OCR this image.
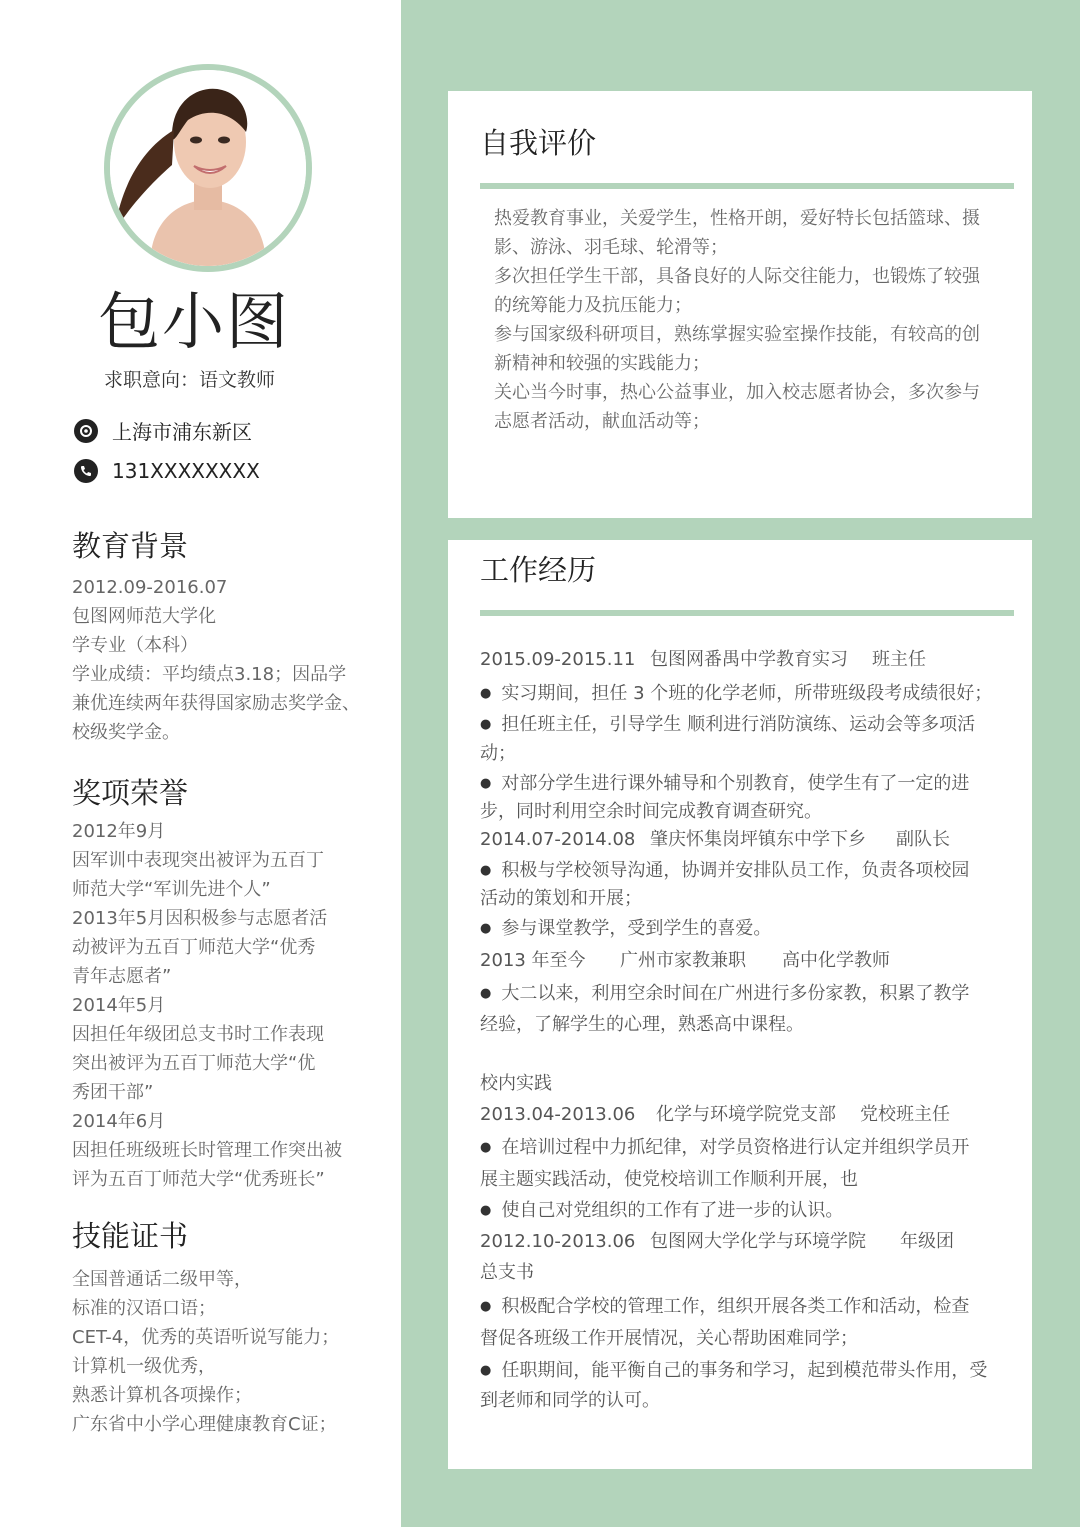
包小图
求职意向：语文教师
上海市浦东新区
131XXXXXXXX
教育背景
2012.09-2016.07
包图网师范大学化
学专业（本科）
学业成绩：平均绩点3.18；因品学
兼优连续两年获得国家励志奖学金、
校级奖学金。
奖项荣誉
2012年9月
因军训中表现突出被评为五百丁
师范大学“军训先进个人”
2013年5月因积极参与志愿者活
动被评为五百丁师范大学“优秀
青年志愿者”
2014年5月
因担任年级团总支书时工作表现
突出被评为五百丁师范大学“优
秀团干部”
2014年6月
因担任班级班长时管理工作突出被
评为五百丁师范大学“优秀班长”
技能证书
全国普通话二级甲等，
标准的汉语口语；
CET-4，优秀的英语听说写能力；
计算机一级优秀，
熟悉计算机各项操作；
广东省中小学心理健康教育C证；
自我评价
热爱教育事业，关爱学生，性格开朗，爱好特长包括篮球、摄
影、游泳、羽毛球、轮滑等；
多次担任学生干部，具备良好的人际交往能力，也锻炼了较强
的统筹能力及抗压能力；
参与国家级科研项目，熟练掌握实验室操作技能，有较高的创
新精神和较强的实践能力；
关心当今时事，热心公益事业，加入校志愿者协会，多次参与
志愿者活动，献血活动等；
工作经历
2015.09-2015.11 包图网番禺中学教育实习 班主任
● 实习期间，担任 3 个班的化学老师，所带班级段考成绩很好；
● 担任班主任，引导学生 顺利进行消防演练、运动会等多项活
动；
● 对部分学生进行课外辅导和个别教育，使学生有了一定的进
步，同时利用空余时间完成教育调查研究。
2014.07-2014.08 肇庆怀集岗坪镇东中学下乡 副队长
● 积极与学校领导沟通，协调并安排队员工作，负责各项校园
活动的策划和开展；
● 参与课堂教学，受到学生的喜爱。
2013 年至今 广州市家教兼职 高中化学教师
● 大二以来，利用空余时间在广州进行多份家教，积累了教学
经验，了解学生的心理，熟悉高中课程。
校内实践
2013.04-2013.06 化学与环境学院党支部 党校班主任
● 在培训过程中力抓纪律，对学员资格进行认定并组织学员开
展主题实践活动，使党校培训工作顺利开展，也
● 使自己对党组织的工作有了进一步的认识。
2012.10-2013.06 包图网大学化学与环境学院 年级团
总支书
● 积极配合学校的管理工作，组织开展各类工作和活动，检查
督促各班级工作开展情况，关心帮助困难同学；
● 任职期间，能平衡自己的事务和学习，起到模范带头作用，受
到老师和同学的认可。
